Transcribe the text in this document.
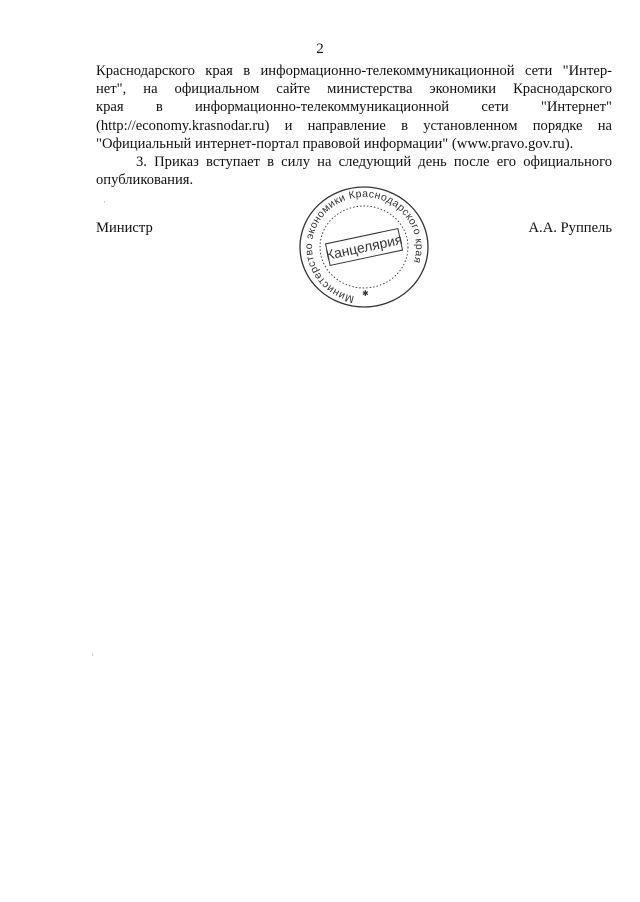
2

Краснодарского края в информационно-телекоммуникационной сети "Интер-
нет", на официальном сайте министерства экономики Краснодарского
края в информационно-телекоммуникационной сети "Интернет"
(http://economy.krasnodar.ru) и направление в установленном порядке на
"Официальный интернет-портал правовой информации" (www.pravo.gov.ru).

3. Приказ вступает в силу на следующий день после его официального
опубликования.

Министр	А.А. Руппель
Министерство экономики Краснодарского края
Канцелярия
✱
